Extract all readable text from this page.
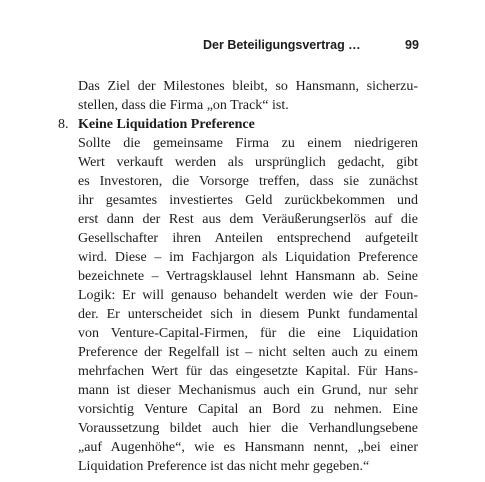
Der Beteiligungsvertrag …	99
Das Ziel der Milestones bleibt, so Hansmann, sicherzu-
stellen, dass die Firma „on Track“ ist.
8. Keine Liquidation Preference
Sollte die gemeinsame Firma zu einem niedrigeren
Wert verkauft werden als ursprünglich gedacht, gibt
es Investoren, die Vorsorge treffen, dass sie zunächst
ihr gesamtes investiertes Geld zurückbekommen und
erst dann der Rest aus dem Veräußerungserlös auf die
Gesellschafter ihren Anteilen entsprechend aufgeteilt
wird. Diese – im Fachjargon als Liquidation Preference
bezeichnete – Vertragsklausel lehnt Hansmann ab. Seine
Logik: Er will genauso behandelt werden wie der Foun-
der. Er unterscheidet sich in diesem Punkt fundamental
von Venture-Capital-Firmen, für die eine Liquidation
Preference der Regelfall ist – nicht selten auch zu einem
mehrfachen Wert für das eingesetzte Kapital. Für Hans-
mann ist dieser Mechanismus auch ein Grund, nur sehr
vorsichtig Venture Capital an Bord zu nehmen. Eine
Voraussetzung bildet auch hier die Verhandlungsebene
„auf Augenhöhe“, wie es Hansmann nennt, „bei einer
Liquidation Preference ist das nicht mehr gegeben.“
